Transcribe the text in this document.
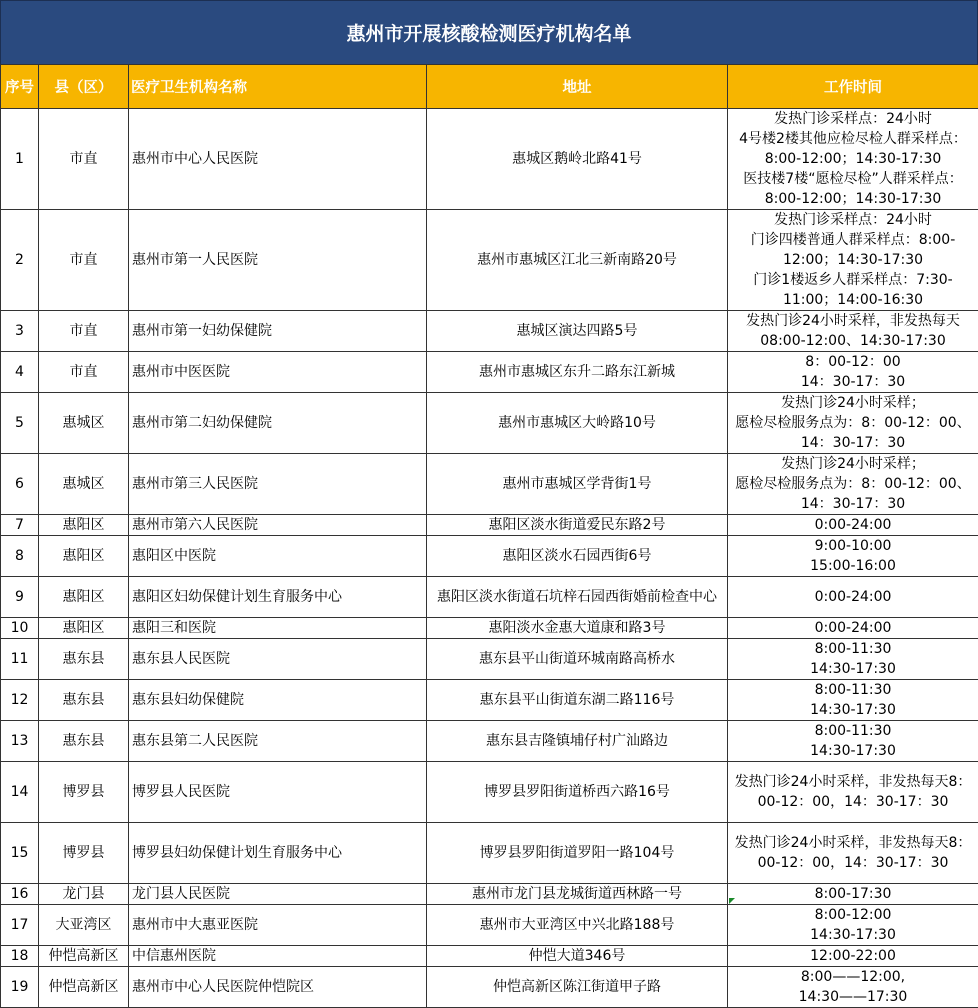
惠州市开展核酸检测医疗机构名单
序号	县（区）	医疗卫生机构名称	地址	工作时间
1	市直	惠州市中心人民医院	惠城区鹅岭北路41号	发热门诊采样点：24小时
4号楼2楼其他应检尽检人群采样点：8:00-12:00；14:30-17:30
医技楼7楼“愿检尽检”人群采样点：8:00-12:00；14:30-17:30
2	市直	惠州市第一人民医院	惠州市惠城区江北三新南路20号	发热门诊采样点：24小时
门诊四楼普通人群采样点：8:00-12:00；14:30-17:30
门诊1楼返乡人群采样点：7:30-11:00；14:00-16:30
3	市直	惠州市第一妇幼保健院	惠城区演达四路5号	发热门诊24小时采样，非发热每天08:00-12:00、14:30-17:30
4	市直	惠州市中医医院	惠州市惠城区东升二路东江新城	8：00-12：00
14：30-17：30
5	惠城区	惠州市第二妇幼保健院	惠州市惠城区大岭路10号	发热门诊24小时采样；
愿检尽检服务点为：8：00-12：00、14：30-17：30
6	惠城区	惠州市第三人民医院	惠州市惠城区学背街1号	发热门诊24小时采样；
愿检尽检服务点为：8：00-12：00、14：30-17：30
7	惠阳区	惠州市第六人民医院	惠阳区淡水街道爱民东路2号	0:00-24:00
8	惠阳区	惠阳区中医院	惠阳区淡水石园西街6号	9:00-10:00
15:00-16:00
9	惠阳区	惠阳区妇幼保健计划生育服务中心	惠阳区淡水街道石坑梓石园西街婚前检查中心	0:00-24:00
10	惠阳区	惠阳三和医院	惠阳淡水金惠大道康和路3号	0:00-24:00
11	惠东县	惠东县人民医院	惠东县平山街道环城南路高桥水	8:00-11:30
14:30-17:30
12	惠东县	惠东县妇幼保健院	惠东县平山街道东湖二路116号	8:00-11:30
14:30-17:30
13	惠东县	惠东县第二人民医院	惠东县吉隆镇埔仔村广汕路边	8:00-11:30
14:30-17:30
14	博罗县	博罗县人民医院	博罗县罗阳街道桥西六路16号	发热门诊24小时采样，非发热每天8：00-12：00，14：30-17：30
15	博罗县	博罗县妇幼保健计划生育服务中心	博罗县罗阳街道罗阳一路104号	发热门诊24小时采样，非发热每天8：00-12：00，14：30-17：30
16	龙门县	龙门县人民医院	惠州市龙门县龙城街道西林路一号	8:00-17:30
17	大亚湾区	惠州市中大惠亚医院	惠州市大亚湾区中兴北路188号	8:00-12:00
14:30-17:30
18	仲恺高新区	中信惠州医院	仲恺大道346号	12:00-22:00
19	仲恺高新区	惠州市中心人民医院仲恺院区	仲恺高新区陈江街道甲子路	8:00——12:00,
14:30——17:30
